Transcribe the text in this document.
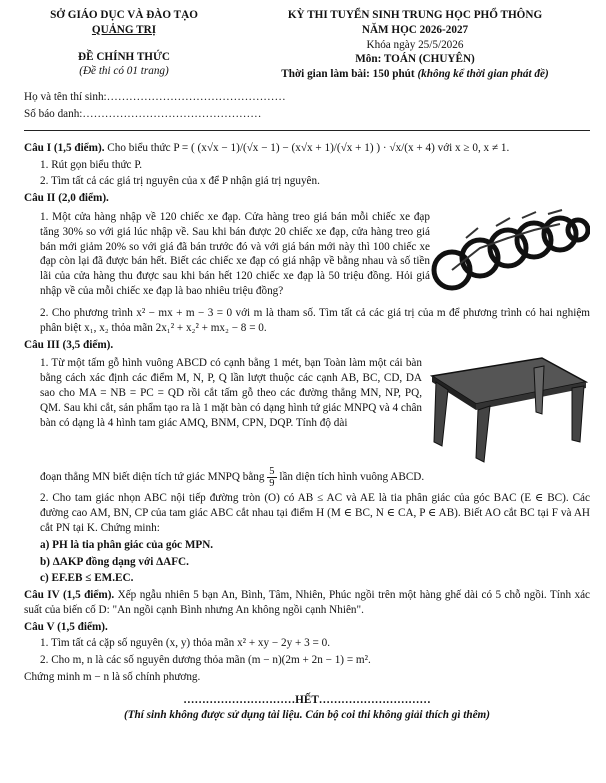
SỞ GIÁO DỤC VÀ ĐÀO TẠO
QUẢNG TRỊ
ĐỀ CHÍNH THỨC
(Đề thi có 01 trang)
KỲ THI TUYỂN SINH TRUNG HỌC PHỔ THÔNG
NĂM HỌC 2026-2027
Khóa ngày 25/5/2026
Môn: TOÁN (CHUYÊN)
Thời gian làm bài: 150 phút (không kể thời gian phát đề)
Họ và tên thí sinh:…………………………………………
Số báo danh:…………………………………………

Câu I (1,5 điểm). Cho biểu thức P = ( (x√x − 1)/(√x − 1) − (x√x + 1)/(√x + 1) ) · √x/(x + 4) với x ≥ 0, x ≠ 1.

1. Rút gọn biểu thức P.

2. Tìm tất cả các giá trị nguyên của x để P nhận giá trị nguyên.

Câu II (2,0 điểm).

1. Một cửa hàng nhập về 120 chiếc xe đạp. Cửa hàng treo giá bán mỗi chiếc xe đạp tăng 30% so với giá lúc nhập về. Sau khi bán được 20 chiếc xe đạp, cửa hàng treo giá bán mới giảm 20% so với giá đã bán trước đó và với giá bán mới này thì 100 chiếc xe đạp còn lại đã được bán hết. Biết các chiếc xe đạp có giá nhập về bằng nhau và số tiền lãi của cửa hàng thu được sau khi bán hết 120 chiếc xe đạp là 50 triệu đồng. Hỏi giá nhập về của mỗi chiếc xe đạp là bao nhiêu triệu đồng?

2. Cho phương trình x² − mx + m − 3 = 0 với m là tham số. Tìm tất cả các giá trị của m để phương trình có hai nghiệm phân biệt x₁, x₂ thỏa mãn 2x₁² + x₂² + mx₂ − 8 = 0.

Câu III (3,5 điểm).

1. Từ một tấm gỗ hình vuông ABCD có cạnh bằng 1 mét, bạn Toàn làm một cái bàn bằng cách xác định các điểm M, N, P, Q lần lượt thuộc các cạnh AB, BC, CD, DA sao cho MA = NB = PC = QD rồi cắt tấm gỗ theo các đường thẳng MN, NP, PQ, QM. Sau khi cắt, sản phẩm tạo ra là 1 mặt bàn có dạng hình tứ giác MNPQ và 4 chân bàn có dạng là 4 hình tam giác AMQ, BNM, CPN, DQP. Tính độ dài

đoạn thẳng MN biết diện tích tứ giác MNPQ bằng $\frac{5}{9}$ lần diện tích hình vuông ABCD.

2. Cho tam giác nhọn ABC nội tiếp đường tròn (O) có AB ≤ AC và AE là tia phân giác của góc BAC (E ∈ BC). Các đường cao AM, BN, CP của tam giác ABC cắt nhau tại điểm H (M ∈ BC, N ∈ CA, P ∈ AB). Biết AO cắt BC tại F và AH cắt PN tại K. Chứng minh:

a) PH là tia phân giác của góc MPN.

b) ΔAKP đồng dạng với ΔAFC.

c) EF.EB ≤ EM.EC.

Câu IV (1,5 điểm). Xếp ngẫu nhiên 5 bạn An, Bình, Tâm, Nhiên, Phúc ngồi trên một hàng ghế dài có 5 chỗ ngồi. Tính xác suất của biến cố D: "An ngồi cạnh Bình nhưng An không ngồi cạnh Nhiên".

Câu V (1,5 điểm).

1. Tìm tất cả cặp số nguyên (x, y) thỏa mãn x² + xy − 2y + 3 = 0.

2. Cho m, n là các số nguyên dương thỏa mãn (m − n)(2m + 2n − 1) = m².

Chứng minh m − n là số chính phương.

…………………………HẾT…………………………
(Thí sinh không được sử dụng tài liệu. Cán bộ coi thi không giải thích gì thêm)
